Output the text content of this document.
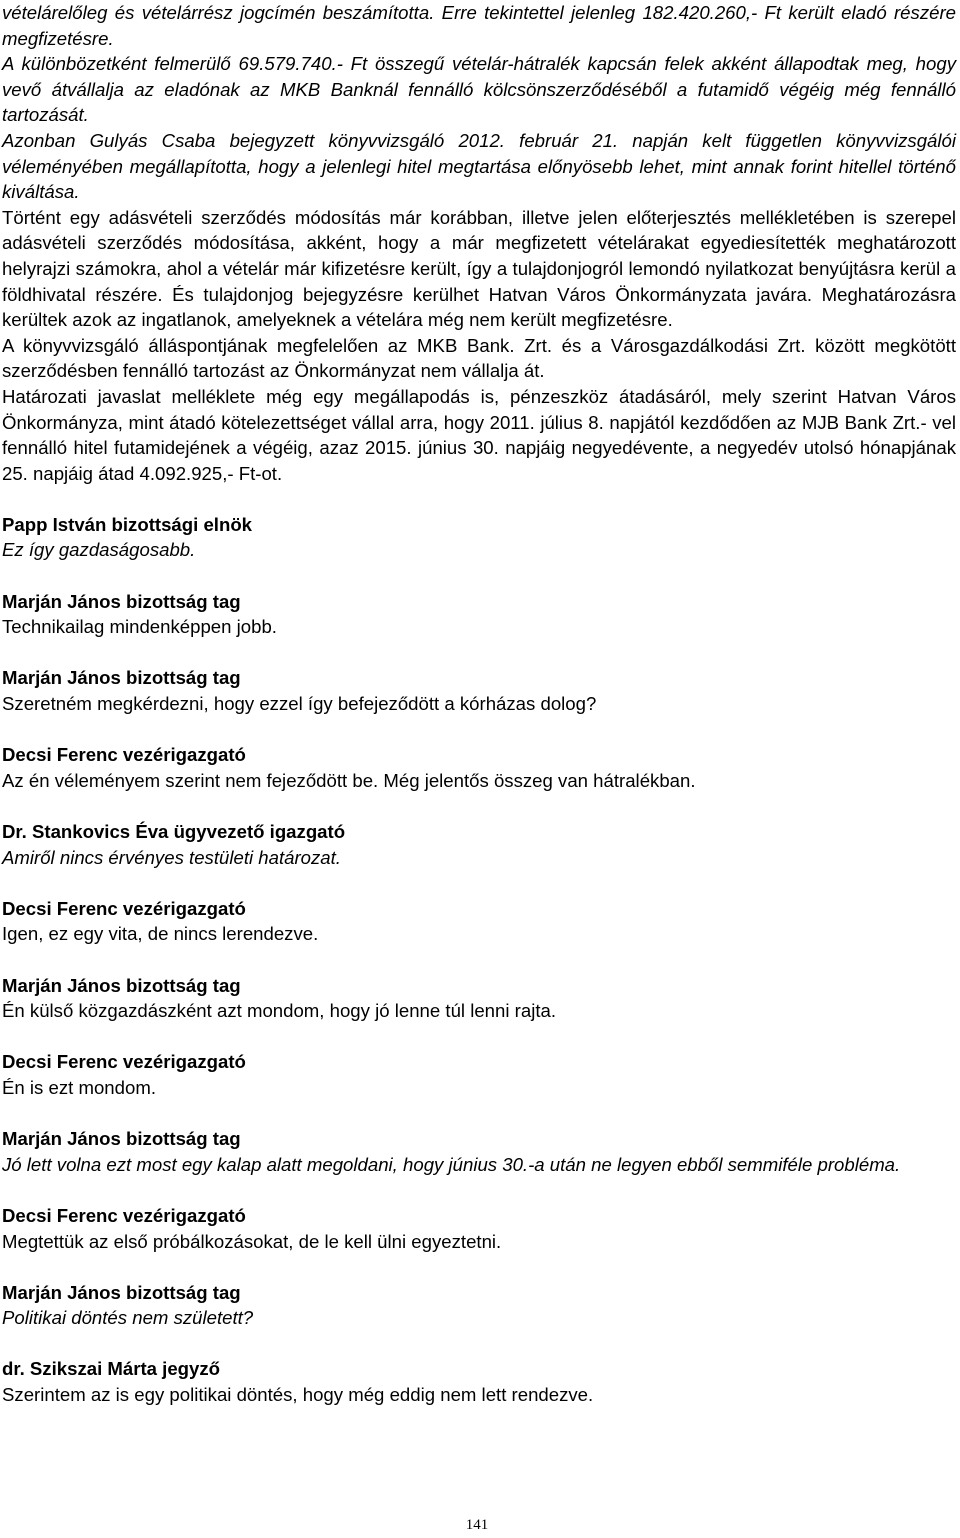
vételárelőleg és vételárrész jogcímén beszámította. Erre tekintettel jelenleg 182.420.260,- Ft került eladó részére megfizetésre.

A különbözetként felmerülő 69.579.740.- Ft összegű vételár-hátralék kapcsán felek akként állapodtak meg, hogy vevő átvállalja az eladónak az MKB Banknál fennálló kölcsönszerződéséből a futamidő végéig még fennálló tartozását.

Azonban Gulyás Csaba bejegyzett könyvvizsgáló 2012. február 21. napján kelt független könyvvizsgálói véleményében megállapította, hogy a jelenlegi hitel megtartása előnyösebb lehet, mint annak forint hitellel történő kiváltása.

Történt egy adásvételi szerződés módosítás már korábban, illetve jelen előterjesztés mellékletében is szerepel adásvételi szerződés módosítása, akként, hogy a már megfizetett vételárakat egyediesítették meghatározott helyrajzi számokra, ahol a vételár már kifizetésre került, így a tulajdonjogról lemondó nyilatkozat benyújtásra kerül a földhivatal részére. És tulajdonjog bejegyzésre kerülhet Hatvan Város Önkormányzata javára. Meghatározásra kerültek azok az ingatlanok, amelyeknek a vételára még nem került megfizetésre.

A könyvvizsgáló álláspontjának megfelelően az MKB Bank. Zrt. és a Városgazdálkodási Zrt. között megkötött szerződésben fennálló tartozást az Önkormányzat nem vállalja át.

Határozati javaslat melléklete még egy megállapodás is, pénzeszköz átadásáról, mely szerint Hatvan Város Önkormányza, mint átadó kötelezettséget vállal arra, hogy 2011. július 8. napjától kezdődően az MJB Bank Zrt.- vel fennálló hitel futamidejének a végéig, azaz 2015. június 30. napjáig negyedévente, a negyedév utolsó hónapjának 25. napjáig átad 4.092.925,- Ft-ot.

Papp István bizottsági elnök

Ez így gazdaságosabb.

Marján János bizottság tag

Technikailag mindenképpen jobb.

Marján János bizottság tag

Szeretném megkérdezni, hogy ezzel így befejeződött a kórházas dolog?

Decsi Ferenc vezérigazgató

Az én véleményem szerint nem fejeződött be. Még jelentős összeg van hátralékban.

Dr. Stankovics Éva ügyvezető igazgató

Amiről nincs érvényes testületi határozat.

Decsi Ferenc vezérigazgató

Igen, ez egy vita, de nincs lerendezve.

Marján János bizottság tag

Én külső közgazdászként azt mondom, hogy jó lenne túl lenni rajta.

Decsi Ferenc vezérigazgató

Én is ezt mondom.

Marján János bizottság tag

Jó lett volna ezt most egy kalap alatt megoldani, hogy június 30.-a után ne legyen ebből semmiféle probléma.

Decsi Ferenc vezérigazgató

Megtettük az első próbálkozásokat, de le kell ülni egyeztetni.

Marján János bizottság tag

Politikai döntés nem született?

dr. Szikszai Márta jegyző

Szerintem az is egy politikai döntés, hogy még eddig nem lett rendezve.

141
